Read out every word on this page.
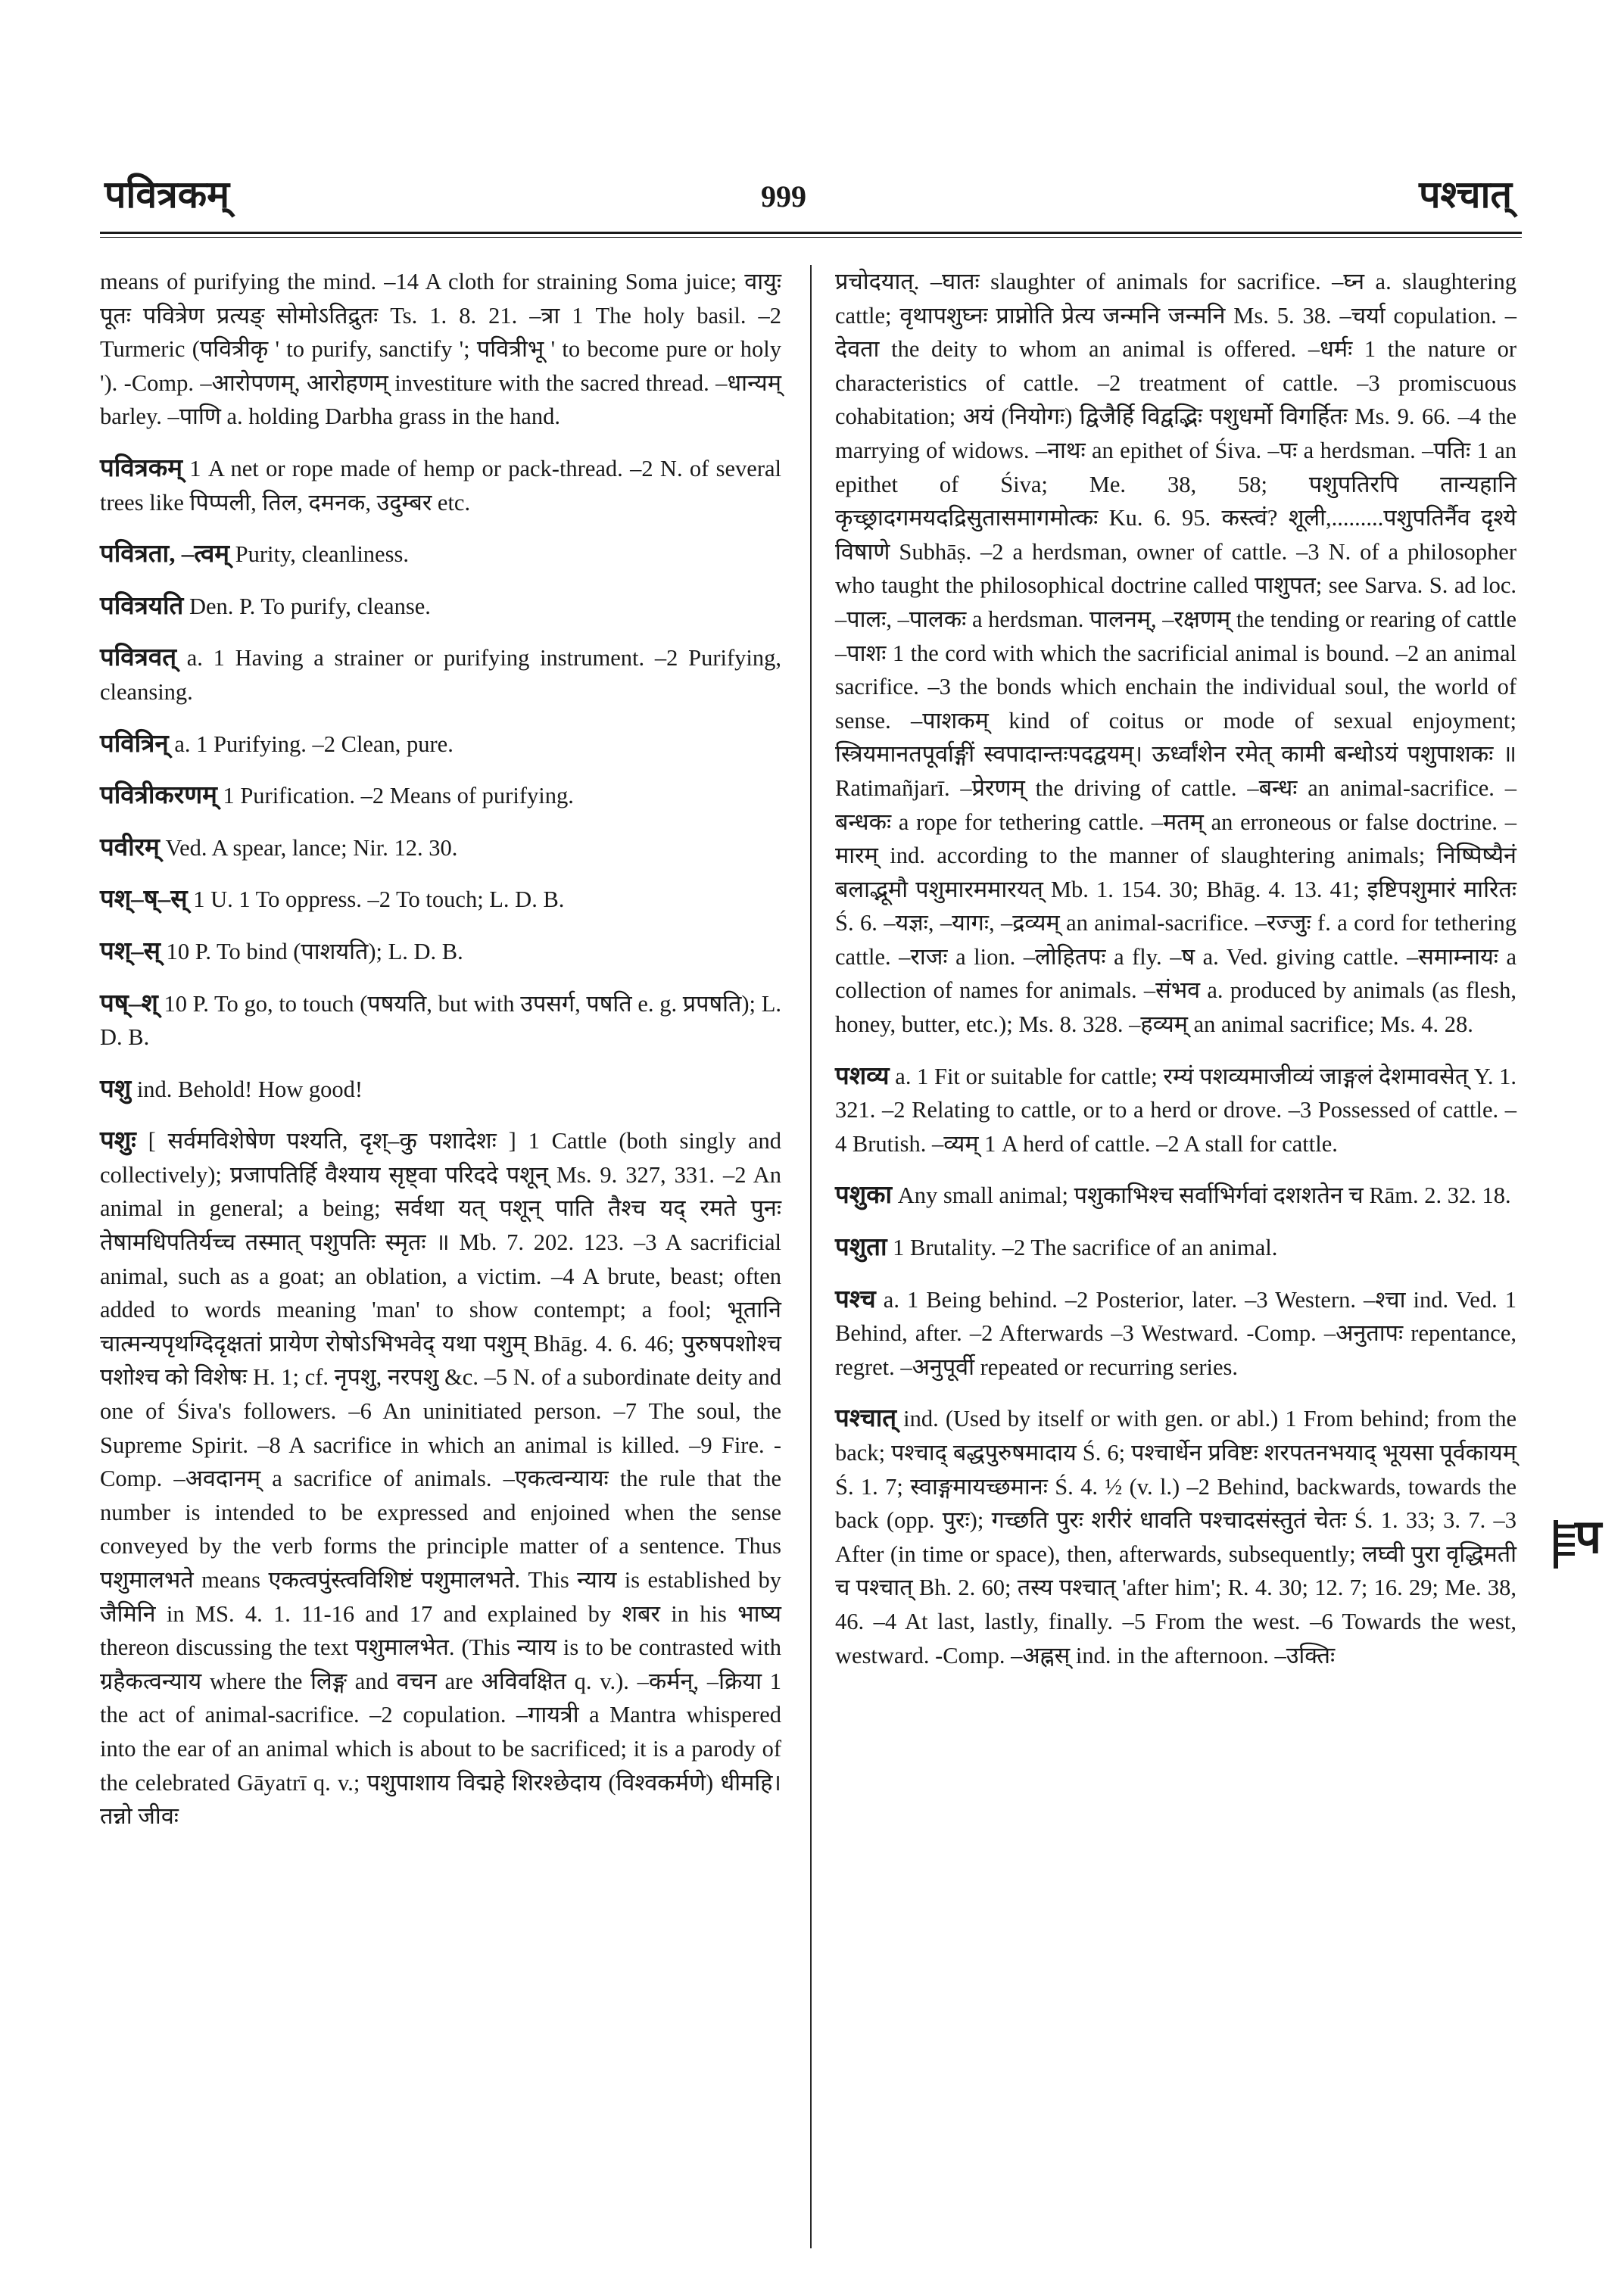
पवित्रकम्	999	पश्चात्

means of purifying the mind. –14 A cloth for straining Soma juice; वायुः पूतः पवित्रेण प्रत्यङ् सोमोऽतिद्रुतः Ts. 1. 8. 21. –त्रा 1 The holy basil. –2 Turmeric (पवित्रीकृ ' to purify, sanctify '; पवित्रीभू ' to become pure or holy '). -Comp. –आरोपणम्, आरोहणम् investiture with the sacred thread. –धान्यम् barley. –पाणि a. holding Darbha grass in the hand.

पवित्रकम् 1 A net or rope made of hemp or pack-thread. –2 N. of several trees like पिप्पली, तिल, दमनक, उदुम्बर etc.

पवित्रता, –त्वम् Purity, cleanliness.

पवित्रयति Den. P. To purify, cleanse.

पवित्रवत् a. 1 Having a strainer or purifying instrument. –2 Purifying, cleansing.

पवित्रिन् a. 1 Purifying. –2 Clean, pure.

पवित्रीकरणम् 1 Purification. –2 Means of purifying.

पवीरम् Ved. A spear, lance; Nir. 12. 30.

पश्–ष्–स् 1 U. 1 To oppress. –2 To touch; L. D. B.

पश्–स् 10 P. To bind (पाशयति); L. D. B.

पष्–श् 10 P. To go, to touch (पषयति, but with उपसर्ग, पषति e. g. प्रपषति); L. D. B.

पशु ind. Behold! How good!

पशुः [ सर्वमविशेषेण पश्यति, दृश्–कु पशादेशः ] 1 Cattle (both singly and collectively); प्रजापतिर्हि वैश्याय सृष्ट्वा परिददे पशून् Ms. 9. 327, 331. –2 An animal in general; a being; सर्वथा यत् पशून् पाति तैश्च यद् रमते पुनः तेषामधिपतिर्यच्च तस्मात् पशुपतिः स्मृतः ॥ Mb. 7. 202. 123. –3 A sacrificial animal, such as a goat; an oblation, a victim. –4 A brute, beast; often added to words meaning 'man' to show contempt; a fool; भूतानि चात्मन्यपृथग्दिदृक्षतां प्रायेण रोषोऽभिभवेद् यथा पशुम् Bhāg. 4. 6. 46; पुरुषपशोश्च पशोश्च को विशेषः H. 1; cf. नृपशु, नरपशु &c. –5 N. of a subordinate deity and one of Śiva's followers. –6 An uninitiated person. –7 The soul, the Supreme Spirit. –8 A sacrifice in which an animal is killed. –9 Fire. -Comp. –अवदानम् a sacrifice of animals. –एकत्वन्यायः the rule that the number is intended to be expressed and enjoined when the sense conveyed by the verb forms the principle matter of a sentence. Thus पशुमालभते means एकत्वपुंस्त्वविशिष्टं पशुमालभते. This न्याय is established by जैमिनि in MS. 4. 1. 11-16 and 17 and explained by शबर in his भाष्य thereon discussing the text पशुमालभेत. (This न्याय is to be contrasted with ग्रहैकत्वन्याय where the लिङ्ग and वचन are अविवक्षित q. v.). –कर्मन्, –क्रिया 1 the act of animal-sacrifice. –2 copulation. –गायत्री a Mantra whispered into the ear of an animal which is about to be sacrificed; it is a parody of the celebrated Gāyatrī q. v.; पशुपाशाय विद्महे शिरश्छेदाय (विश्वकर्मणे) धीमहि। तन्नो जीवः

प्रचोदयात्. –घातः slaughter of animals for sacrifice. –घ्न a. slaughtering cattle; वृथापशुघ्नः प्राप्नोति प्रेत्य जन्मनि जन्मनि Ms. 5. 38. –चर्या copulation. –देवता the deity to whom an animal is offered. –धर्मः 1 the nature or characteristics of cattle. –2 treatment of cattle. –3 promiscuous cohabitation; अयं (नियोगः) द्विजैर्हि विद्वद्भिः पशुधर्मो विगर्हितः Ms. 9. 66. –4 the marrying of widows. –नाथः an epithet of Śiva. –पः a herdsman. –पतिः 1 an epithet of Śiva; Me. 38, 58; पशुपतिरपि तान्यहानि कृच्छ्रादगमयदद्रिसुतासमागमोत्कः Ku. 6. 95. कस्त्वं? शूली,.........पशुपतिर्नैव दृश्ये विषाणे Subhāṣ. –2 a herdsman, owner of cattle. –3 N. of a philosopher who taught the philosophical doctrine called पाशुपत; see Sarva. S. ad loc. –पालः, –पालकः a herdsman. पालनम्, –रक्षणम् the tending or rearing of cattle –पाशः 1 the cord with which the sacrificial animal is bound. –2 an animal sacrifice. –3 the bonds which enchain the individual soul, the world of sense. –पाशकम् kind of coitus or mode of sexual enjoyment; स्त्रियमानतपूर्वाङ्गीं स्वपादान्तःपदद्वयम्। ऊर्ध्वांशेन रमेत् कामी बन्धोऽयं पशुपाशकः ॥ Ratimañjarī. –प्रेरणम् the driving of cattle. –बन्धः an animal-sacrifice. –बन्धकः a rope for tethering cattle. –मतम् an erroneous or false doctrine. –मारम् ind. according to the manner of slaughtering animals; निष्पिष्यैनं बलाद्भूमौ पशुमारममारयत् Mb. 1. 154. 30; Bhāg. 4. 13. 41; इष्टिपशुमारं मारितः Ś. 6. –यज्ञः, –यागः, –द्रव्यम् an animal-sacrifice. –रज्जुः f. a cord for tethering cattle. –राजः a lion. –लोहितपः a fly. –ष a. Ved. giving cattle. –समाम्नायः a collection of names for animals. –संभव a. produced by animals (as flesh, honey, butter, etc.); Ms. 8. 328. –हव्यम् an animal sacrifice; Ms. 4. 28.

पशव्य a. 1 Fit or suitable for cattle; रम्यं पशव्यमाजीव्यं जाङ्गलं देशमावसेत् Y. 1. 321. –2 Relating to cattle, or to a herd or drove. –3 Possessed of cattle. –4 Brutish. –व्यम् 1 A herd of cattle. –2 A stall for cattle.

पशुका Any small animal; पशुकाभिश्च सर्वाभिर्गवां दशशतेन च Rām. 2. 32. 18.

पशुता 1 Brutality. –2 The sacrifice of an animal.

पश्च a. 1 Being behind. –2 Posterior, later. –3 Western. –श्चा ind. Ved. 1 Behind, after. –2 Afterwards –3 Westward. -Comp. –अनुतापः repentance, regret. –अनुपूर्वी repeated or recurring series.

पश्चात् ind. (Used by itself or with gen. or abl.) 1 From behind; from the back; पश्चाद् बद्धपुरुषमादाय Ś. 6; पश्चार्धेन प्रविष्टः शरपतनभयाद् भूयसा पूर्वकायम् Ś. 1. 7; स्वाङ्गमायच्छमानः Ś. 4. ½ (v. l.) –2 Behind, backwards, towards the back (opp. पुरः); गच्छति पुरः शरीरं धावति पश्चादसंस्तुतं चेतः Ś. 1. 33; 3. 7. –3 After (in time or space), then, afterwards, subsequently; लघ्वी पुरा वृद्धिमती च पश्चात् Bh. 2. 60; तस्य पश्चात् 'after him'; R. 4. 30; 12. 7; 16. 29; Me. 38, 46. –4 At last, lastly, finally. –5 From the west. –6 Towards the west, westward. -Comp. –अह्नस् ind. in the afternoon. –उक्तिः

प
